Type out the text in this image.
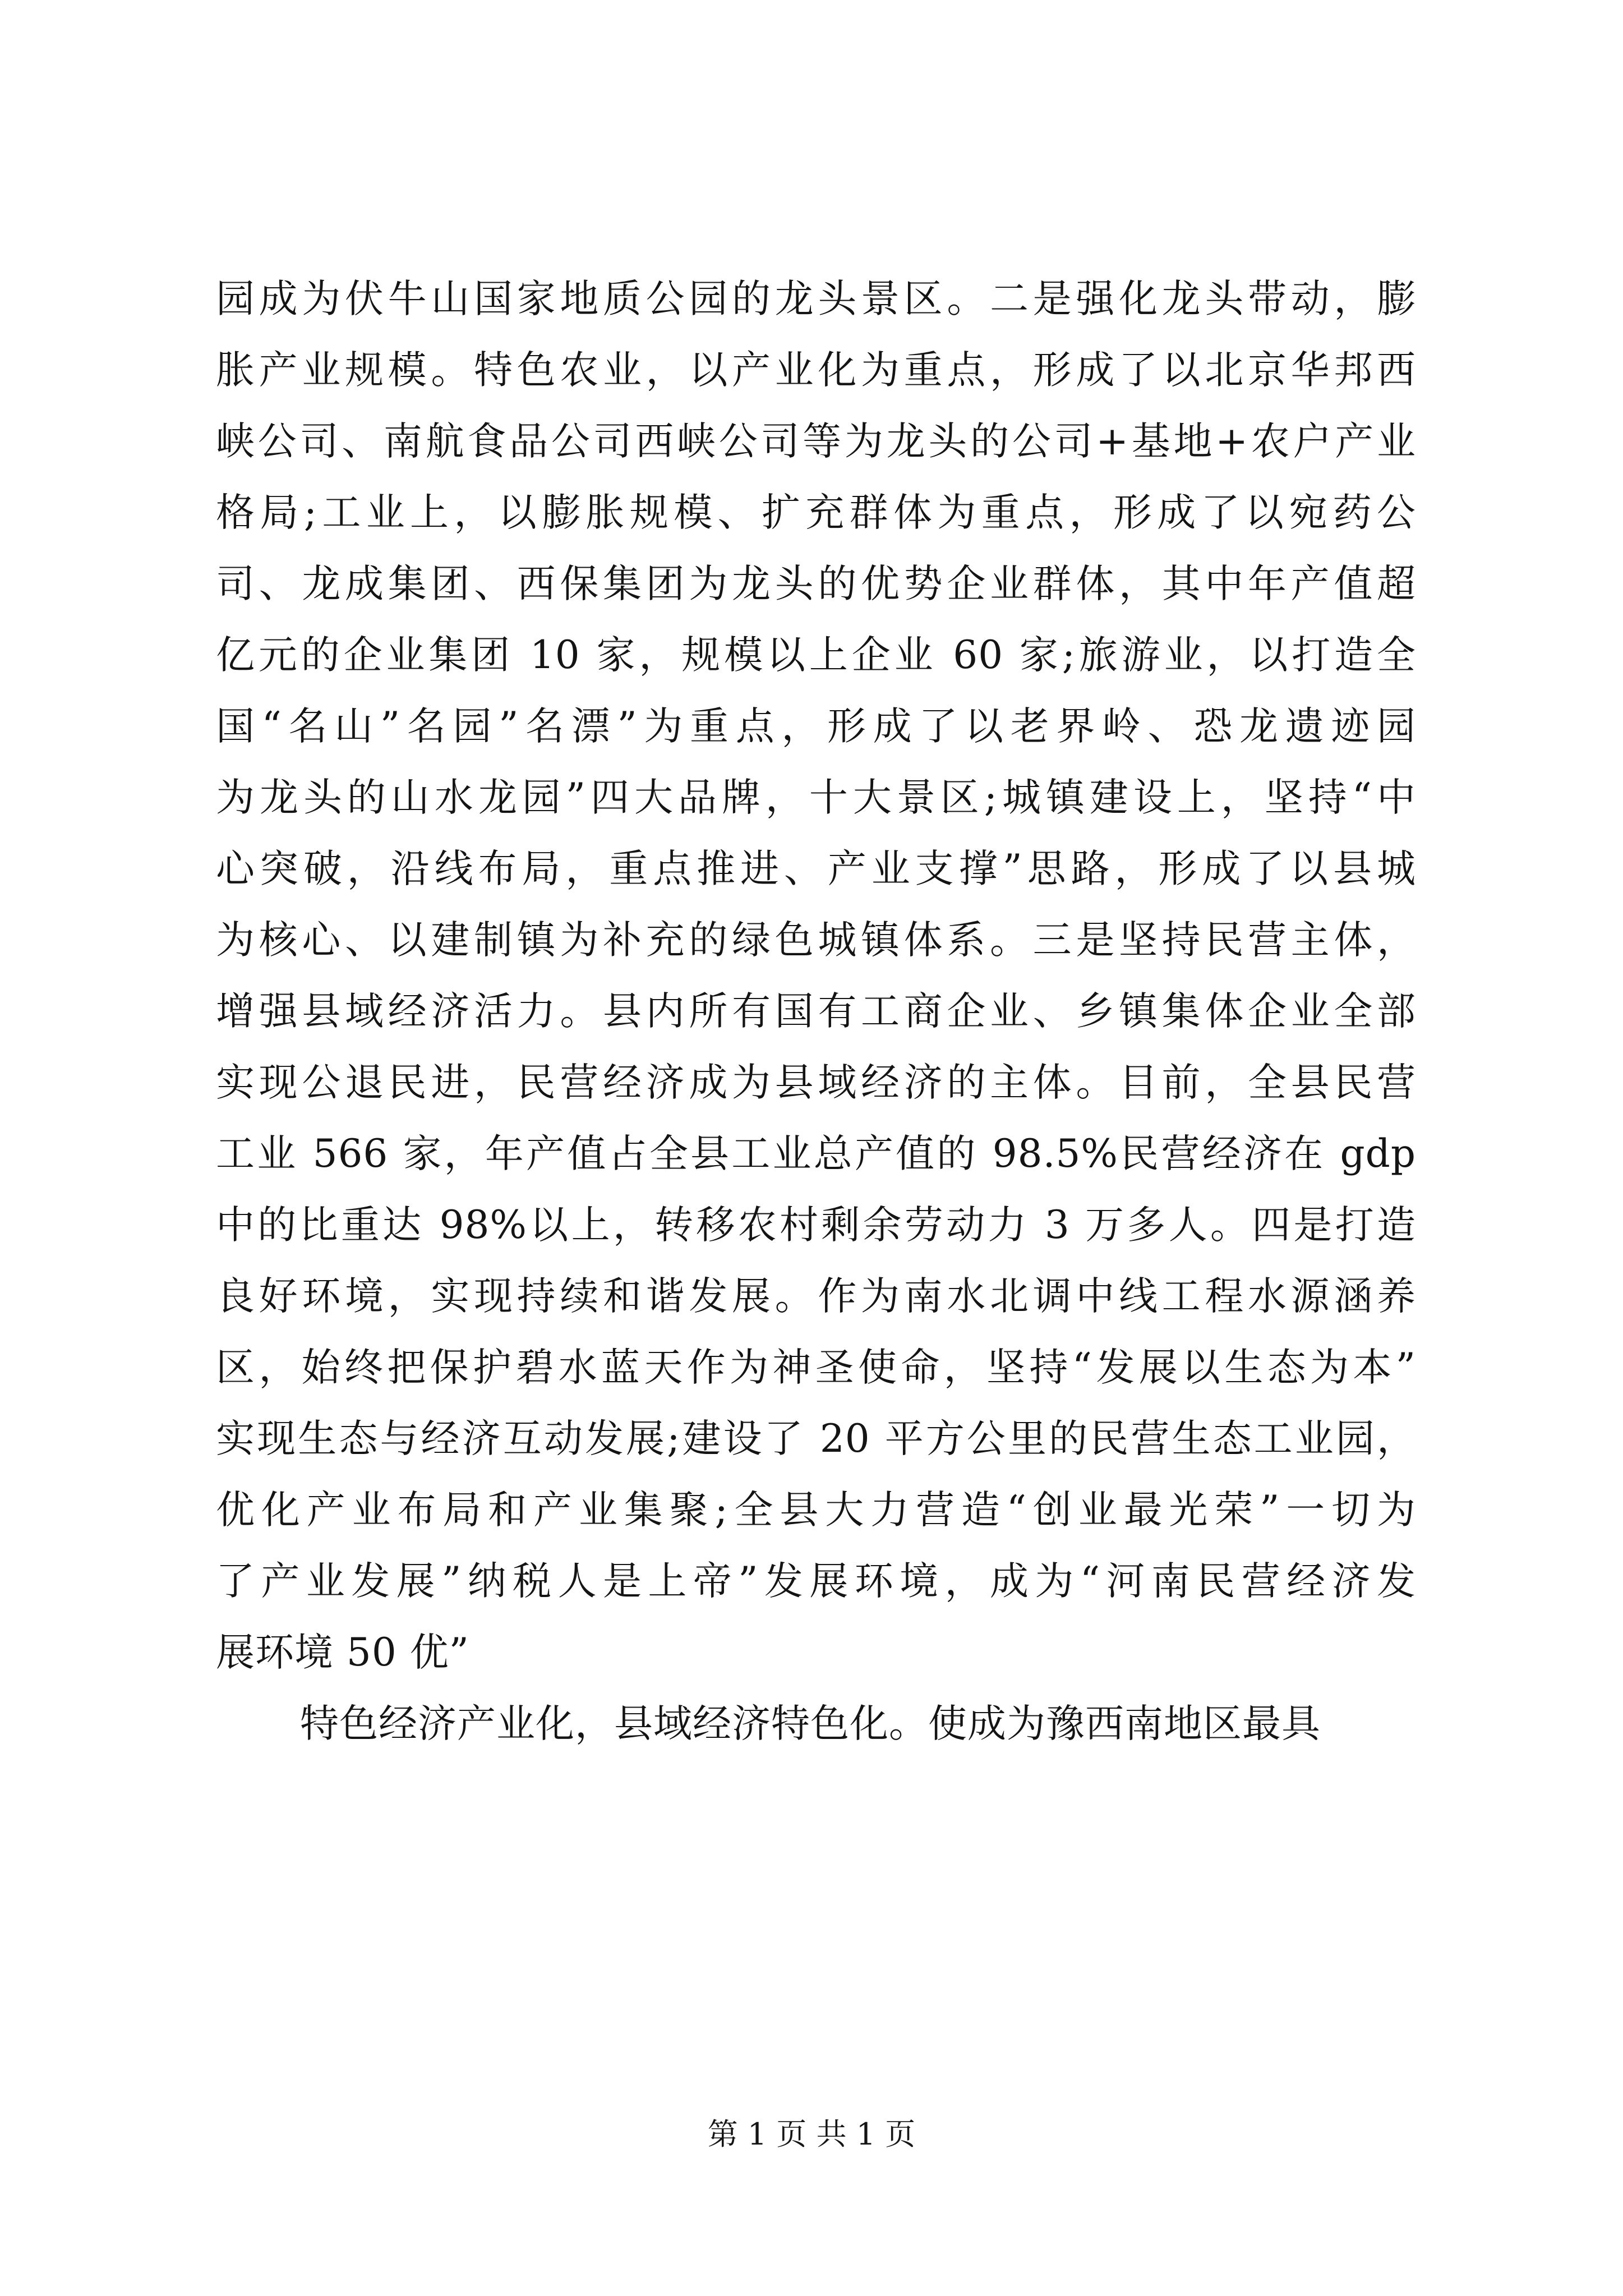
园成为伏牛山国家地质公园的龙头景区。二是强化龙头带动，膨
胀产业规模。特色农业，以产业化为重点，形成了以北京华邦西
峡公司、南航食品公司西峡公司等为龙头的公司+基地+农户产业
格局;工业上，以膨胀规模、扩充群体为重点，形成了以宛药公
司、龙成集团、西保集团为龙头的优势企业群体，其中年产值超
亿元的企业集团 10 家，规模以上企业 60 家;旅游业，以打造全
国“名山”名园”名漂”为重点，形成了以老界岭、恐龙遗迹园
为龙头的山水龙园”四大品牌，十大景区;城镇建设上，坚持“中
心突破，沿线布局，重点推进、产业支撑”思路，形成了以县城
为核心、以建制镇为补充的绿色城镇体系。三是坚持民营主体，
增强县域经济活力。县内所有国有工商企业、乡镇集体企业全部
实现公退民进，民营经济成为县域经济的主体。目前，全县民营
工业 566 家，年产值占全县工业总产值的 98.5%民营经济在 gdp
中的比重达 98%以上，转移农村剩余劳动力 3 万多人。四是打造
良好环境，实现持续和谐发展。作为南水北调中线工程水源涵养
区，始终把保护碧水蓝天作为神圣使命，坚持“发展以生态为本”
实现生态与经济互动发展;建设了 20 平方公里的民营生态工业园，
优化产业布局和产业集聚;全县大力营造“创业最光荣”一切为
了产业发展”纳税人是上帝”发展环境，成为“河南民营经济发
展环境 50 优”
特色经济产业化，县域经济特色化。使成为豫西南地区最具
第 1 页 共 1 页
